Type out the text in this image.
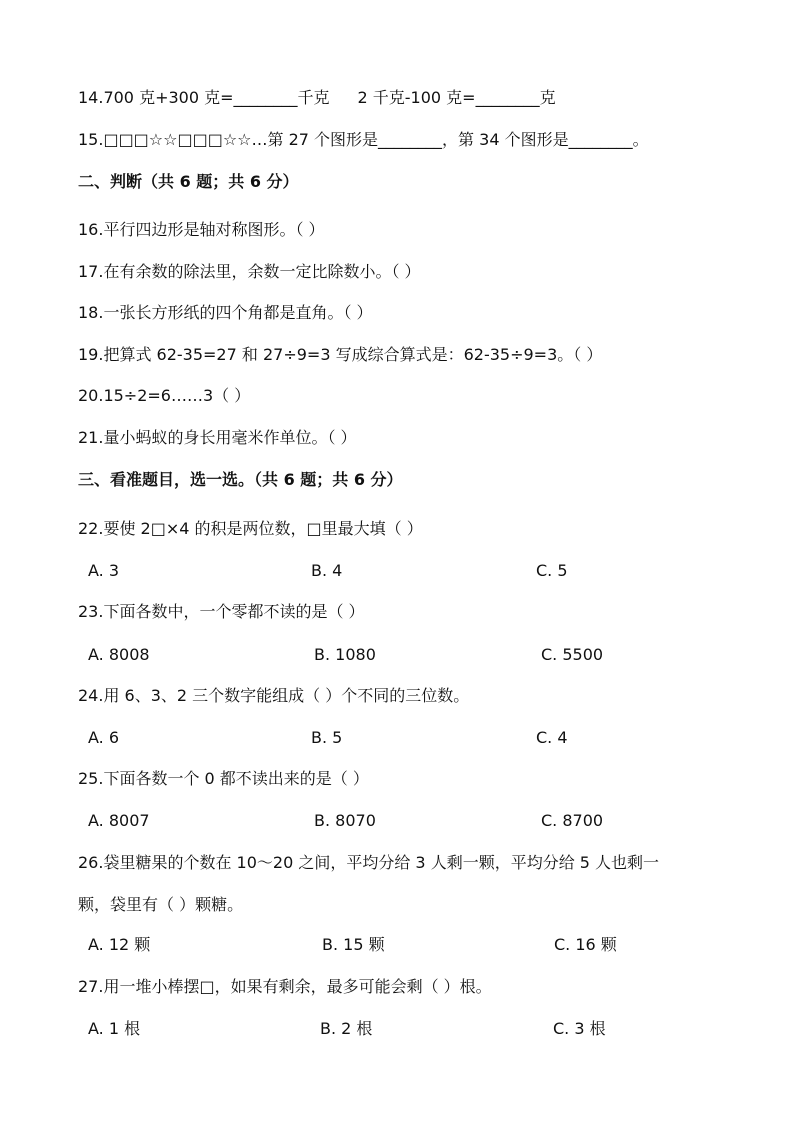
14.700 克+300 克=________千克 2 千克-100 克=________克
15.□□□☆☆□□□☆☆…第 27 个图形是________，第 34 个图形是________。
二、判断（共 6 题；共 6 分）
16.平行四边形是轴对称图形。（ ）
17.在有余数的除法里，余数一定比除数小。（ ）
18.一张长方形纸的四个角都是直角。（ ）
19.把算式 62-35=27 和 27÷9=3 写成综合算式是：62-35÷9=3。（ ）
20.15÷2=6……3（ ）
21.量小蚂蚁的身长用毫米作单位。（ ）
三、看准题目，选一选。（共 6 题；共 6 分）
22.要使 2□×4 的积是两位数，□里最大填（ ）
A. 3	B. 4	C. 5
23.下面各数中，一个零都不读的是（ ）
A. 8008	B. 1080	C. 5500
24.用 6、3、2 三个数字能组成（ ）个不同的三位数。
A. 6	B. 5	C. 4
25.下面各数一个 0 都不读出来的是（ ）
A. 8007	B. 8070	C. 8700
26.袋里糖果的个数在 10～20 之间，平均分给 3 人剩一颗，平均分给 5 人也剩一
颗，袋里有（ ）颗糖。
A. 12 颗	B. 15 颗	C. 16 颗
27.用一堆小棒摆□，如果有剩余，最多可能会剩（ ）根。
A. 1 根	B. 2 根	C. 3 根
